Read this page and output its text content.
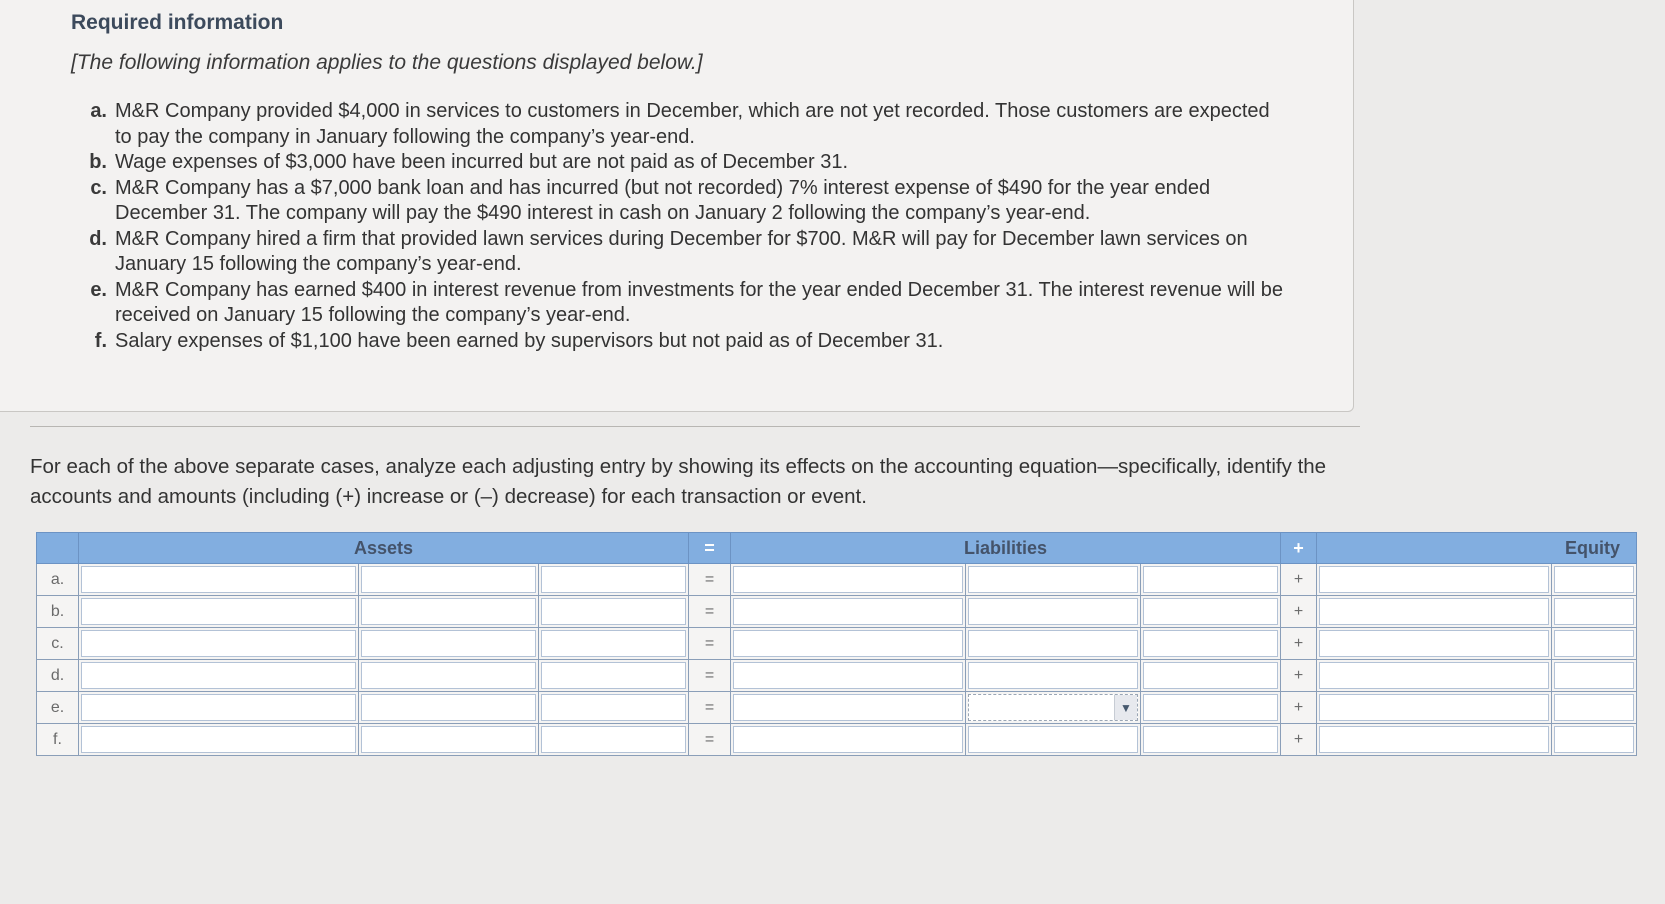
Required information
[The following information applies to the questions displayed below.]
a. M&R Company provided $4,000 in services to customers in December, which are not yet recorded. Those customers are expected to pay the company in January following the company’s year-end.
b. Wage expenses of $3,000 have been incurred but are not paid as of December 31.
c. M&R Company has a $7,000 bank loan and has incurred (but not recorded) 7% interest expense of $490 for the year ended December 31. The company will pay the $490 interest in cash on January 2 following the company’s year-end.
d. M&R Company hired a firm that provided lawn services during December for $700. M&R will pay for December lawn services on January 15 following the company’s year-end.
e. M&R Company has earned $400 in interest revenue from investments for the year ended December 31. The interest revenue will be received on January 15 following the company’s year-end.
f. Salary expenses of $1,100 have been earned by supervisors but not paid as of December 31.
For each of the above separate cases, analyze each adjusting entry by showing its effects on the accounting equation—specifically, identify the accounts and amounts (including (+) increase or (–) decrease) for each transaction or event.
	Assets			=	Liabilities			+	Equity	
a.				=				+	

b.				=				+	

c.				=				+	

d.				=				+	

e.				=		▼		+	

f.				=				+	
